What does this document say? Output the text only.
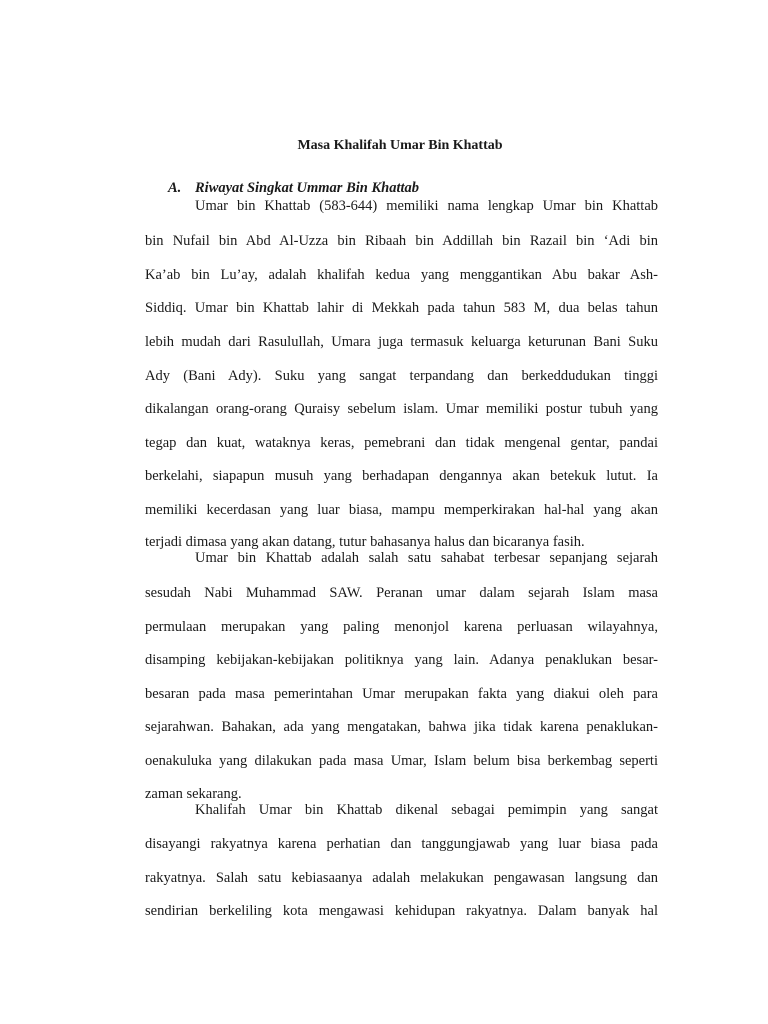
Masa Khalifah Umar Bin Khattab
A. Riwayat Singkat Ummar Bin Khattab
Umar bin Khattab (583-644) memiliki nama lengkap Umar bin Khattab
bin Nufail bin Abd Al-Uzza bin Ribaah bin Addillah bin Razail bin ‘Adi bin
Ka’ab bin Lu’ay, adalah khalifah kedua yang menggantikan Abu bakar Ash-
Siddiq. Umar bin Khattab lahir di Mekkah pada tahun 583 M, dua belas tahun
lebih mudah dari Rasulullah, Umara juga termasuk keluarga keturunan Bani Suku
Ady (Bani Ady). Suku yang sangat terpandang dan berkeddudukan tinggi
dikalangan orang-orang Quraisy sebelum islam. Umar memiliki postur tubuh yang
tegap dan kuat, wataknya keras, pemebrani dan tidak mengenal gentar, pandai
berkelahi, siapapun musuh yang berhadapan dengannya akan betekuk lutut. Ia
memiliki kecerdasan yang luar biasa, mampu memperkirakan hal-hal yang akan
terjadi dimasa yang akan datang, tutur bahasanya halus dan bicaranya fasih.
Umar bin Khattab adalah salah satu sahabat terbesar sepanjang sejarah
sesudah Nabi Muhammad SAW. Peranan umar dalam sejarah Islam masa
permulaan merupakan yang paling menonjol karena perluasan wilayahnya,
disamping kebijakan-kebijakan politiknya yang lain. Adanya penaklukan besar-
besaran pada masa pemerintahan Umar merupakan fakta yang diakui oleh para
sejarahwan. Bahakan, ada yang mengatakan, bahwa jika tidak karena penaklukan-
oenakuluka yang dilakukan pada masa Umar, Islam belum bisa berkembag seperti
zaman sekarang.
Khalifah Umar bin Khattab dikenal sebagai pemimpin yang sangat
disayangi rakyatnya karena perhatian dan tanggungjawab yang luar biasa pada
rakyatnya. Salah satu kebiasaanya adalah melakukan pengawasan langsung dan
sendirian berkeliling kota mengawasi kehidupan rakyatnya. Dalam banyak hal
